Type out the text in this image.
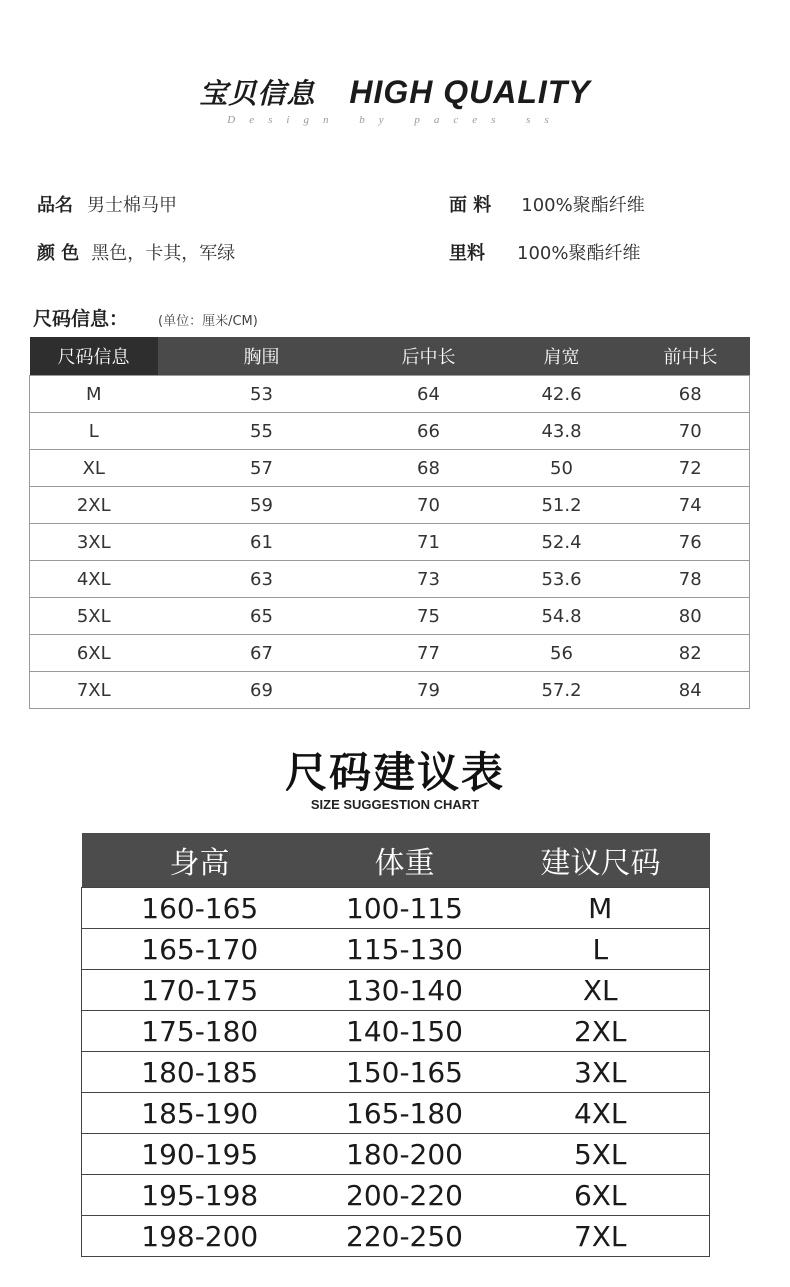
宝贝信息 HIGH QUALITY
Design by paces ss
品名 男士棉马甲
颜 色 黑色，卡其，军绿
面 料 100%聚酯纤维
里料 100%聚酯纤维
尺码信息： (单位：厘米/CM)
尺码信息	胸围	后中长	肩宽	前中长
M	53	64	42.6	68
L	55	66	43.8	70
XL	57	68	50	72
2XL	59	70	51.2	74
3XL	61	71	52.4	76
4XL	63	73	53.6	78
5XL	65	75	54.8	80
6XL	67	77	56	82
7XL	69	79	57.2	84
尺码建议表
SIZE SUGGESTION CHART
身高	体重	建议尺码
160-165	100-115	M
165-170	115-130	L
170-175	130-140	XL
175-180	140-150	2XL
180-185	150-165	3XL
185-190	165-180	4XL
190-195	180-200	5XL
195-198	200-220	6XL
198-200	220-250	7XL
